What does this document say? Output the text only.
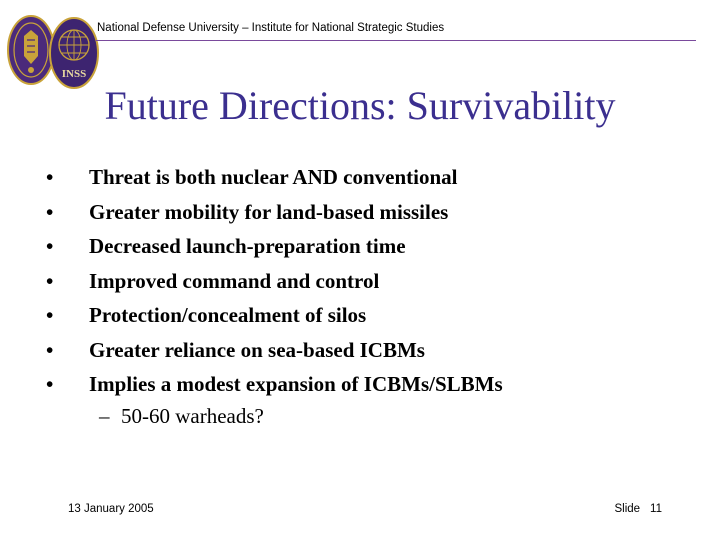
INSS
National Defense University – Institute for National Strategic Studies
Future Directions: Survivability
•	Threat is both nuclear AND conventional
•	Greater mobility for land-based missiles
•	Decreased launch-preparation time
•	Improved command and control
•	Protection/concealment of silos
•	Greater reliance on sea-based ICBMs
•	Implies a modest expansion of ICBMs/SLBMs
– 50-60 warheads?
13 January 2005	Slide 11
